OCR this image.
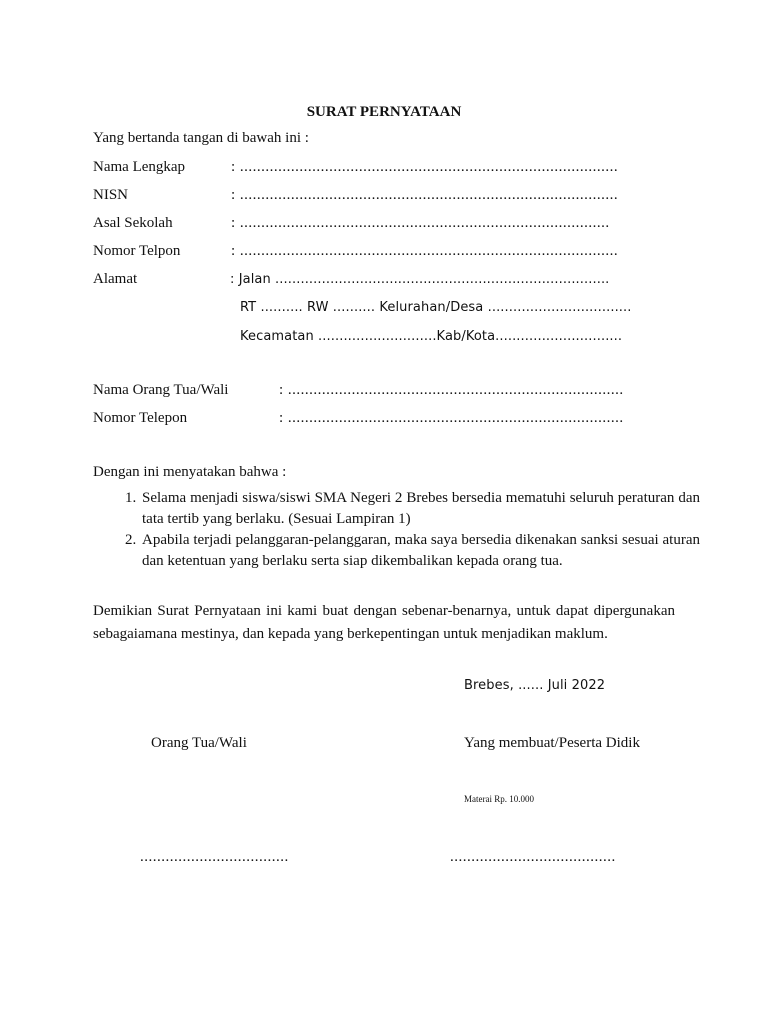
SURAT PERNYATAAN
Yang bertanda tangan di bawah ini :
Nama Lengkap	: .........................................................................................
NISN	: .........................................................................................
Asal Sekolah	: .......................................................................................
Nomor Telpon	: .........................................................................................
Alamat	: Jalan ...............................................................................
RT .......... RW .......... Kelurahan/Desa ..................................
Kecamatan ............................Kab/Kota..............................
Nama Orang Tua/Wali	: ...............................................................................
Nomor Telepon	: ...............................................................................
Dengan ini menyatakan bahwa :
1. Selama menjadi siswa/siswi SMA Negeri 2 Brebes bersedia mematuhi seluruh peraturan dan tata tertib yang berlaku. (Sesuai Lampiran 1)
2. Apabila terjadi pelanggaran-pelanggaran, maka saya bersedia dikenakan sanksi sesuai aturan dan ketentuan yang berlaku serta siap dikembalikan kepada orang tua.
Demikian Surat Pernyataan ini kami buat dengan sebenar-benarnya, untuk dapat dipergunakan sebagaiamana mestinya, dan kepada yang berkepentingan untuk menjadikan maklum.
Brebes, ...... Juli 2022
Orang Tua/Wali	Yang membuat/Peserta Didik
Materai Rp. 10.000
...................................	.......................................
